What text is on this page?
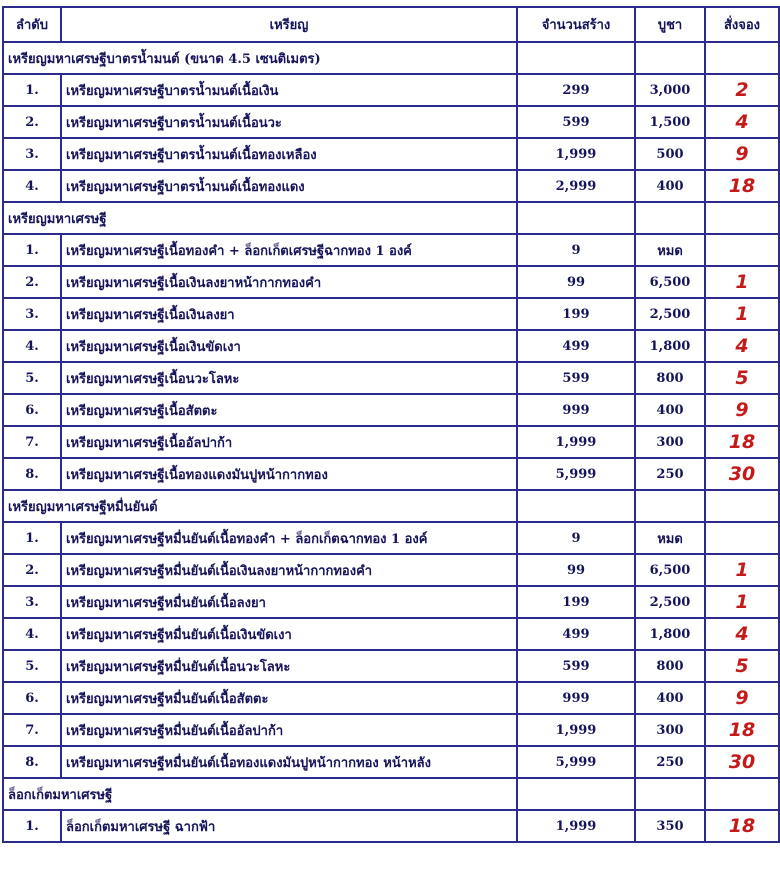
ลำดับ	เหรียญ	จำนวนสร้าง	บูชา	สั่งจอง
เหรียญมหาเศรษฐีบาตรน้ำมนต์ (ขนาด 4.5 เซนติเมตร)				
1.	เหรียญมหาเศรษฐีบาตรน้ำมนต์เนื้อเงิน	299	3,000	2
2.	เหรียญมหาเศรษฐีบาตรน้ำมนต์เนื้อนวะ	599	1,500	4
3.	เหรียญมหาเศรษฐีบาตรน้ำมนต์เนื้อทองเหลือง	1,999	500	9
4.	เหรียญมหาเศรษฐีบาตรน้ำมนต์เนื้อทองแดง	2,999	400	18
เหรียญมหาเศรษฐี				
1.	เหรียญมหาเศรษฐีเนื้อทองคำ + ล็อกเก็ตเศรษฐีฉากทอง 1 องค์	9	หมด	
2.	เหรียญมหาเศรษฐีเนื้อเงินลงยาหน้ากากทองคำ	99	6,500	1
3.	เหรียญมหาเศรษฐีเนื้อเงินลงยา	199	2,500	1
4.	เหรียญมหาเศรษฐีเนื้อเงินขัดเงา	499	1,800	4
5.	เหรียญมหาเศรษฐีเนื้อนวะโลหะ	599	800	5
6.	เหรียญมหาเศรษฐีเนื้อสัตตะ	999	400	9
7.	เหรียญมหาเศรษฐีเนื้ออัลปาก้า	1,999	300	18
8.	เหรียญมหาเศรษฐีเนื้อทองแดงมันปูหน้ากากทอง	5,999	250	30
เหรียญมหาเศรษฐีหมื่นยันต์				
1.	เหรียญมหาเศรษฐีหมื่นยันต์เนื้อทองคำ + ล็อกเก็ตฉากทอง 1 องค์	9	หมด	
2.	เหรียญมหาเศรษฐีหมื่นยันต์เนื้อเงินลงยาหน้ากากทองคำ	99	6,500	1
3.	เหรียญมหาเศรษฐีหมื่นยันต์เนื้อลงยา	199	2,500	1
4.	เหรียญมหาเศรษฐีหมื่นยันต์เนื้อเงินขัดเงา	499	1,800	4
5.	เหรียญมหาเศรษฐีหมื่นยันต์เนื้อนวะโลหะ	599	800	5
6.	เหรียญมหาเศรษฐีหมื่นยันต์เนื้อสัตตะ	999	400	9
7.	เหรียญมหาเศรษฐีหมื่นยันต์เนื้ออัลปาก้า	1,999	300	18
8.	เหรียญมหาเศรษฐีหมื่นยันต์เนื้อทองแดงมันปูหน้ากากทอง หน้าหลัง	5,999	250	30
ล็อกเก็ตมหาเศรษฐี				
1.	ล็อกเก็ตมหาเศรษฐี ฉากฟ้า	1,999	350	18
